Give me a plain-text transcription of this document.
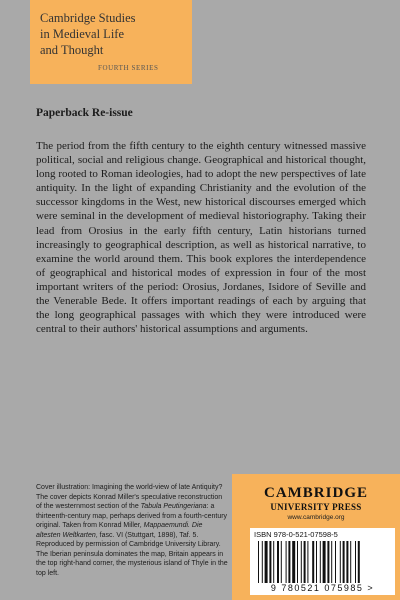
Cambridge Studies
in Medieval Life
and Thought
FOURTH SERIES
Paperback Re-issue

The period from the fifth century to the eighth century witnessed massive political, social and religious change. Geographical and historical thought, long rooted to Roman ideologies, had to adopt the new perspectives of late antiquity. In the light of expanding Christianity and the evolution of the successor kingdoms in the West, new historical discourses emerged which were seminal in the development of medieval historiography. Taking their lead from Orosius in the early fifth century, Latin historians turned increasingly to geographical description, as well as historical narrative, to examine the world around them. This book explores the interdependence of geographical and historical modes of expression in four of the most important writers of the period: Orosius, Jordanes, Isidore of Seville and the Venerable Bede. It offers important readings of each by arguing that the long geographical passages with which they were introduced were central to their authors' historical assumptions and arguments.

Cover illustration: Imagining the world-view of late Antiquity? The cover depicts Konrad Miller's speculative reconstruction of the westernmost section of the Tabula Peutingeriana: a thirteenth-century map, perhaps derived from a fourth-century original. Taken from Konrad Miller, Mappaemundi. Die altesten Weltkarten, fasc. VI (Stuttgart, 1898), Taf. 5. Reproduced by permission of Cambridge University Library. The Iberian peninsula dominates the map, Britain appears in the top right-hand corner, the mysterious island of Thyle in the top left.

CAMBRIDGE
UNIVERSITY PRESS
www.cambridge.org
ISBN 978-0-521-07598-5
9 780521 075985 >
